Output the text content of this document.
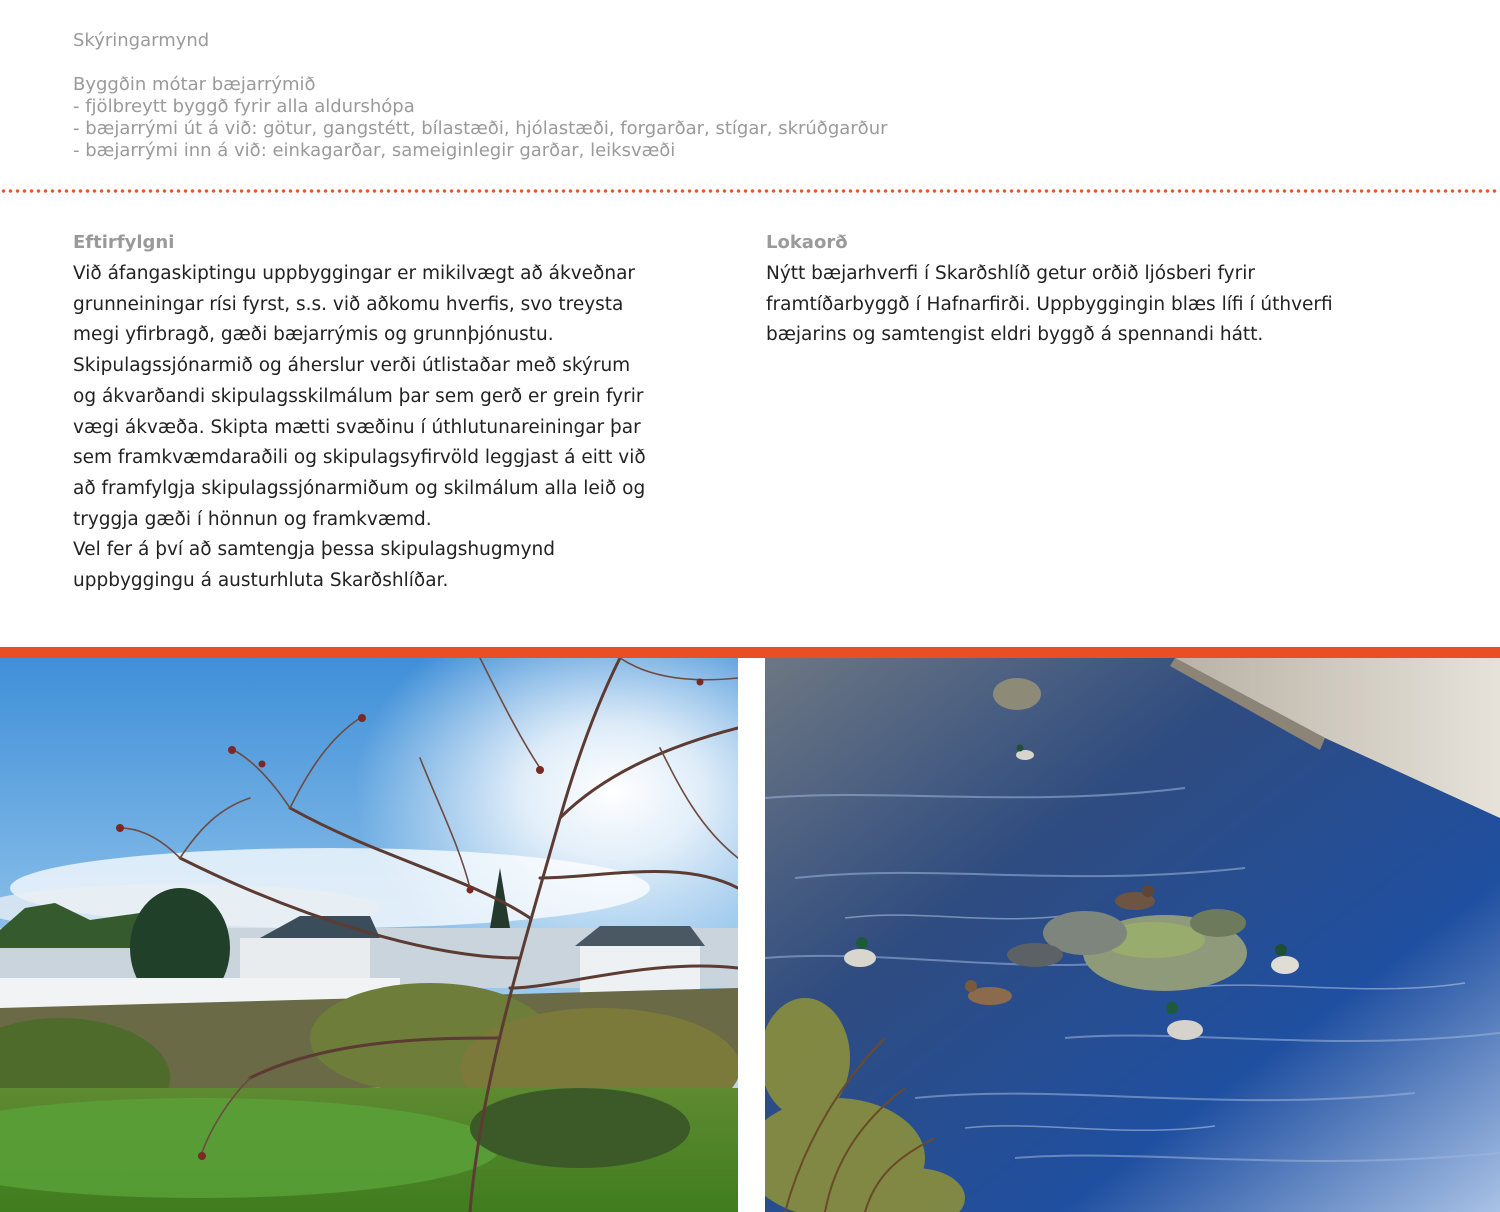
Skýringarmynd
Byggðin mótar bæjarrýmið
- fjölbreytt byggð fyrir alla aldurshópa
- bæjarrými út á við: götur, gangstétt, bílastæði, hjólastæði, forgarðar, stígar, skrúðgarður
- bæjarrými inn á við: einkagarðar, sameiginlegir garðar, leiksvæði
Eftirfylgni
Við áfangaskiptingu uppbyggingar er mikilvægt að ákveðnar
grunneiningar rísi fyrst, s.s. við aðkomu hverfis, svo treysta
megi yfirbragð, gæði bæjarrýmis og grunnþjónustu.
Skipulagssjónarmið og áherslur verði útlistaðar með skýrum
og ákvarðandi skipulagsskilmálum þar sem gerð er grein fyrir
vægi ákvæða. Skipta mætti svæðinu í úthlutunareiningar þar
sem framkvæmdaraðili og skipulagsyfirvöld leggjast á eitt við
að framfylgja skipulagssjónarmiðum og skilmálum alla leið og
tryggja gæði í hönnun og framkvæmd.
Vel fer á því að samtengja þessa skipulagshugmynd
uppbyggingu á austurhluta Skarðshlíðar.
Lokaorð
Nýtt bæjarhverfi í Skarðshlíð getur orðið ljósberi fyrir
framtíðarbyggð í Hafnarfirði. Uppbyggingin blæs lífi í úthverfi
bæjarins og samtengist eldri byggð á spennandi hátt.
